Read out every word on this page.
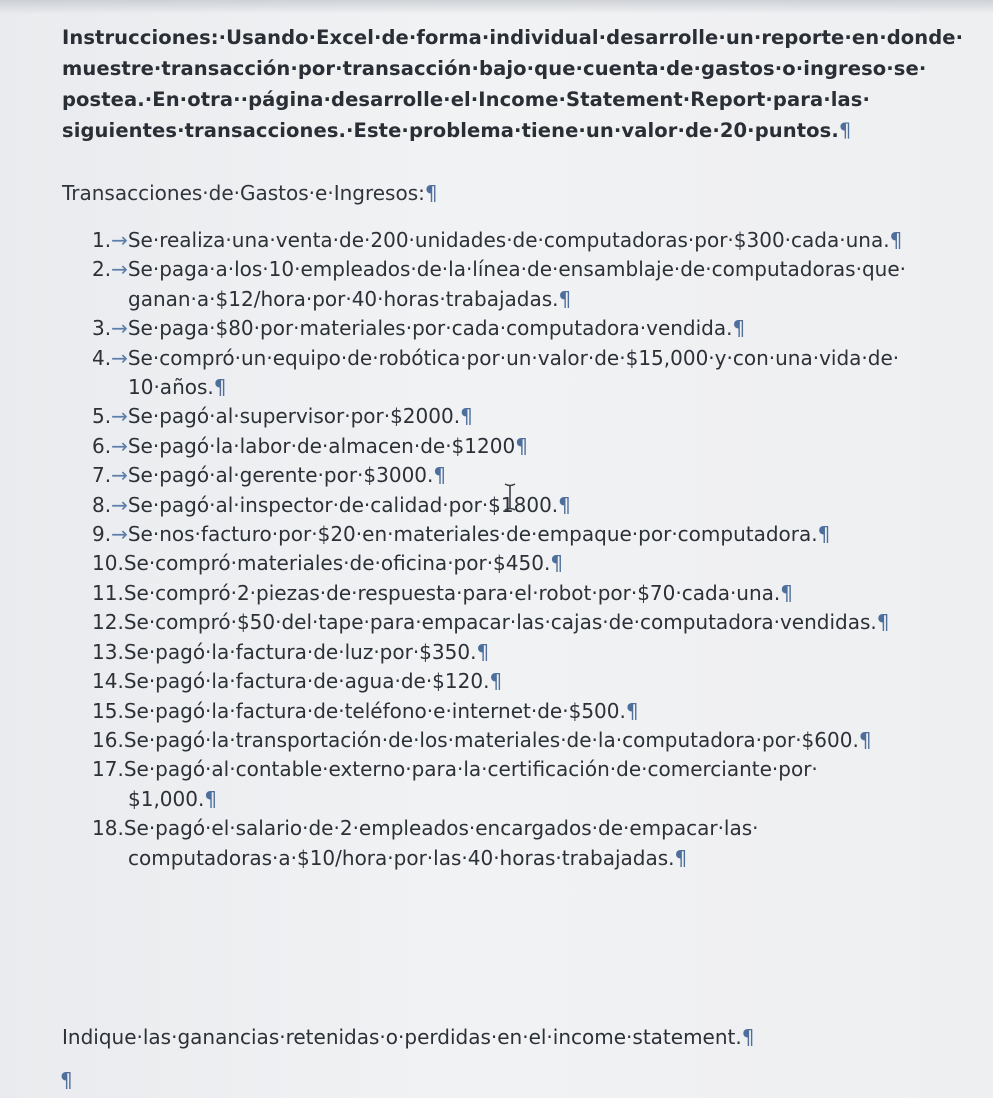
Instrucciones:·Usando·Excel·de·forma·individual·desarrolle·un·reporte·en·donde·
muestre·transacción·por·transacción·bajo·que·cuenta·de·gastos·o·ingreso·se·
postea.·En·otra··página·desarrolle·el·Income·Statement·Report·para·las·
siguientes·transacciones.·Este·problema·tiene·un·valor·de·20·puntos.¶
Transacciones·de·Gastos·e·Ingresos:¶
1.→Se·realiza·una·venta·de·200·unidades·de·computadoras·por·$300·cada·una.¶
2.→Se·paga·a·los·10·empleados·de·la·línea·de·ensamblaje·de·computadoras·que·
ganan·a·$12/hora·por·40·horas·trabajadas.¶
3.→Se·paga·$80·por·materiales·por·cada·computadora·vendida.¶
4.→Se·compró·un·equipo·de·robótica·por·un·valor·de·$15,000·y·con·una·vida·de·
10·años.¶
5.→Se·pagó·al·supervisor·por·$2000.¶
6.→Se·pagó·la·labor·de·almacen·de·$1200¶
7.→Se·pagó·al·gerente·por·$3000.¶
8.→Se·pagó·al·inspector·de·calidad·por·$1800.¶
9.→Se·nos·facturo·por·$20·en·materiales·de·empaque·por·computadora.¶
10.Se·compró·materiales·de·oficina·por·$450.¶
11.Se·compró·2·piezas·de·respuesta·para·el·robot·por·$70·cada·una.¶
12.Se·compró·$50·del·tape·para·empacar·las·cajas·de·computadora·vendidas.¶
13.Se·pagó·la·factura·de·luz·por·$350.¶
14.Se·pagó·la·factura·de·agua·de·$120.¶
15.Se·pagó·la·factura·de·teléfono·e·internet·de·$500.¶
16.Se·pagó·la·transportación·de·los·materiales·de·la·computadora·por·$600.¶
17.Se·pagó·al·contable·externo·para·la·certificación·de·comerciante·por·
$1,000.¶
18.Se·pagó·el·salario·de·2·empleados·encargados·de·empacar·las·
computadoras·a·$10/hora·por·las·40·horas·trabajadas.¶
Indique·las·ganancias·retenidas·o·perdidas·en·el·income·statement.¶
¶
